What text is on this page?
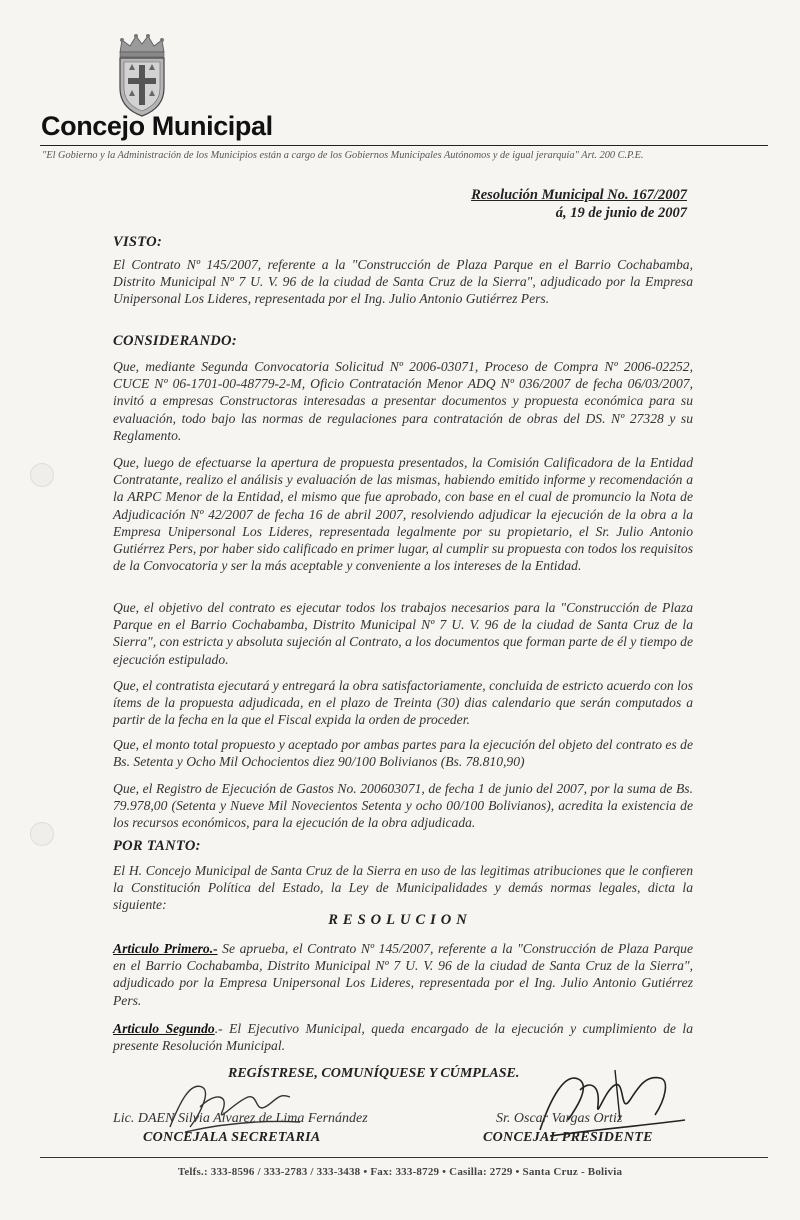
Concejo Municipal
"El Gobierno y la Administración de los Municipios están a cargo de los Gobiernos Municipales Autónomos y de igual jerarquía" Art. 200 C.P.E.
Resolución Municipal No. 167/2007
á, 19 de junio de 2007
VISTO:
El Contrato Nº 145/2007, referente a la "Construcción de Plaza Parque en el Barrio Cochabamba, Distrito Municipal Nº 7 U. V. 96 de la ciudad de Santa Cruz de la Sierra", adjudicado por la Empresa Unipersonal Los Lideres, representada por el Ing. Julio Antonio Gutiérrez Pers.
CONSIDERANDO:
Que, mediante Segunda Convocatoria Solicitud Nº 2006-03071, Proceso de Compra Nº 2006-02252, CUCE Nº 06-1701-00-48779-2-M, Oficio Contratación Menor ADQ Nº 036/2007 de fecha 06/03/2007, invitó a empresas Constructoras interesadas a presentar documentos y propuesta económica para su evaluación, todo bajo las normas de regulaciones para contratación de obras del DS. Nº 27328 y su Reglamento.
Que, luego de efectuarse la apertura de propuesta presentados, la Comisión Calificadora de la Entidad Contratante, realizo el análisis y evaluación de las mismas, habiendo emitido informe y recomendación a la ARPC Menor de la Entidad, el mismo que fue aprobado, con base en el cual de promuncio la Nota de Adjudicación Nº 42/2007 de fecha 16 de abril 2007, resolviendo adjudicar la ejecución de la obra a la Empresa Unipersonal Los Lideres, representada legalmente por su propietario, el Sr. Julio Antonio Gutiérrez Pers, por haber sido calificado en primer lugar, al cumplir su propuesta con todos los requisitos de la Convocatoria y ser la más aceptable y conveniente a los intereses de la Entidad.
Que, el objetivo del contrato es ejecutar todos los trabajos necesarios para la "Construcción de Plaza Parque en el Barrio Cochabamba, Distrito Municipal Nº 7 U. V. 96 de la ciudad de Santa Cruz de la Sierra", con estricta y absoluta sujeción al Contrato, a los documentos que forman parte de él y tiempo de ejecución estipulado.
Que, el contratista ejecutará y entregará la obra satisfactoriamente, concluida de estricto acuerdo con los ítems de la propuesta adjudicada, en el plazo de Treinta (30) dias calendario que serán computados a partir de la fecha en la que el Fiscal expida la orden de proceder.
Que, el monto total propuesto y aceptado por ambas partes para la ejecución del objeto del contrato es de Bs. Setenta y Ocho Mil Ochocientos diez 90/100 Bolivianos (Bs. 78.810,90)
Que, el Registro de Ejecución de Gastos No. 200603071, de fecha 1 de junio del 2007, por la suma de Bs. 79.978,00 (Setenta y Nueve Mil Novecientos Setenta y ocho 00/100 Bolivianos), acredita la existencia de los recursos económicos, para la ejecución de la obra adjudicada.
POR TANTO:
El H. Concejo Municipal de Santa Cruz de la Sierra en uso de las legitimas atribuciones que le confieren la Constitución Política del Estado, la Ley de Municipalidades y demás normas legales, dicta la siguiente:
RESOLUCION
Articulo Primero.- Se aprueba, el Contrato Nº 145/2007, referente a la "Construcción de Plaza Parque en el Barrio Cochabamba, Distrito Municipal Nº 7 U. V. 96 de la ciudad de Santa Cruz de la Sierra", adjudicado por la Empresa Unipersonal Los Lideres, representada por el Ing. Julio Antonio Gutiérrez Pers.
Articulo Segundo.- El Ejecutivo Municipal, queda encargado de la ejecución y cumplimiento de la presente Resolución Municipal.
REGÍSTRESE, COMUNÍQUESE Y CÚMPLASE.
Lic. DAEN Silvia Alvarez de Lima Fernández
CONCEJALA SECRETARIA
Sr. Oscar Vargas Ortiz
CONCEJAL PRESIDENTE
Telfs.: 333-8596 / 333-2783 / 333-3438 • Fax: 333-8729 • Casilla: 2729 • Santa Cruz - Bolivia
